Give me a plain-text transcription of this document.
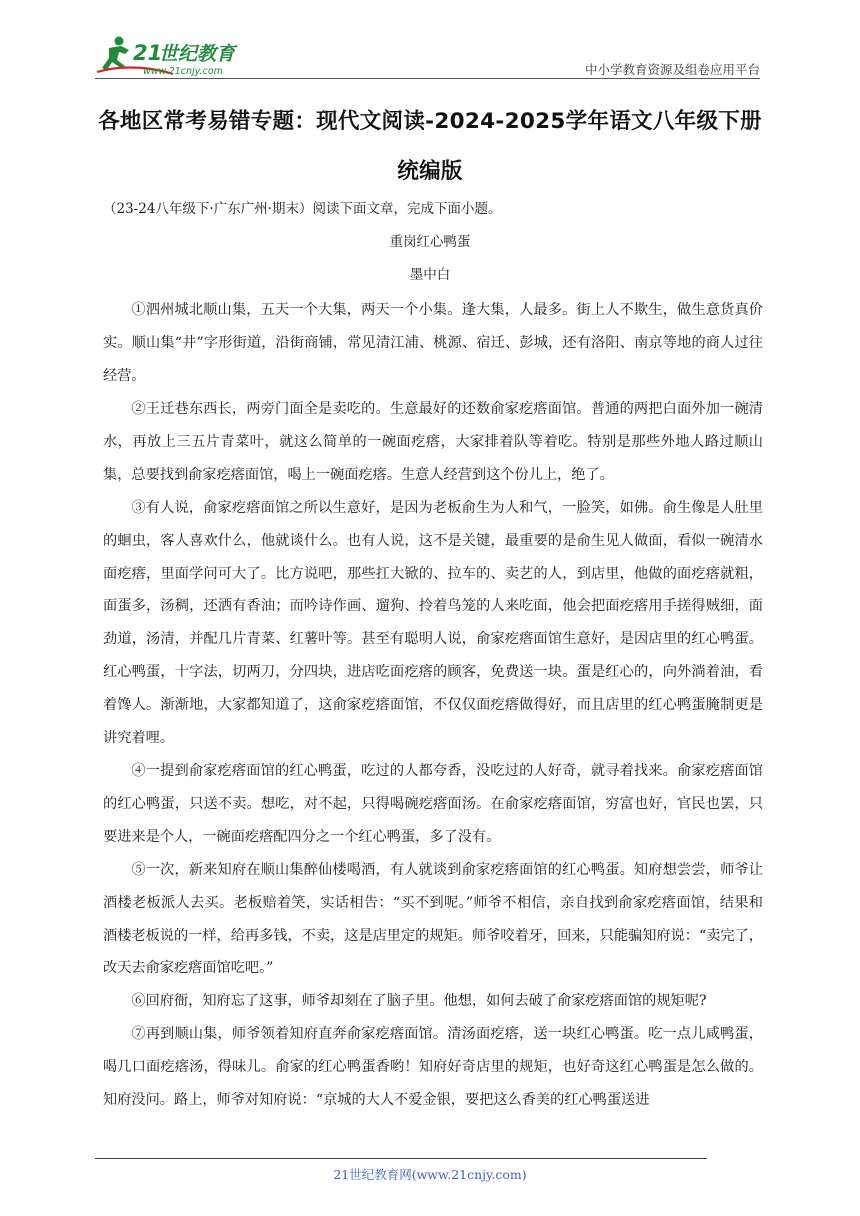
21
世纪教育
www.21cnjy.com	中小学教育资源及组卷应用平台
各地区常考易错专题：现代文阅读-2024-2025学年语文八年级下册统编版
（23-24八年级下·广东广州·期末）阅读下面文章，完成下面小题。
重岗红心鸭蛋
墨中白

①泗州城北顺山集，五天一个大集，两天一个小集。逢大集，人最多。街上人不欺生，做生意货真价实。顺山集“井”字形街道，沿街商铺，常见清江浦、桃源、宿迁、彭城，还有洛阳、南京等地的商人过往经营。

②王迁巷东西长，两旁门面全是卖吃的。生意最好的还数俞家疙瘩面馆。普通的两把白面外加一碗清水，再放上三五片青菜叶，就这么简单的一碗面疙瘩，大家排着队等着吃。特别是那些外地人路过顺山集，总要找到俞家疙瘩面馆，喝上一碗面疙瘩。生意人经营到这个份儿上，绝了。

③有人说，俞家疙瘩面馆之所以生意好，是因为老板俞生为人和气，一脸笑，如佛。俞生像是人肚里的蛔虫，客人喜欢什么，他就谈什么。也有人说，这不是关键，最重要的是俞生见人做面，看似一碗清水面疙瘩，里面学问可大了。比方说吧，那些扛大锨的、拉车的、卖艺的人，到店里，他做的面疙瘩就粗，面蛋多，汤稠，还洒有香油；而吟诗作画、遛狗、拎着鸟笼的人来吃面，他会把面疙瘩用手搓得贼细，面劲道，汤清，并配几片青菜、红薯叶等。甚至有聪明人说，俞家疙瘩面馆生意好，是因店里的红心鸭蛋。红心鸭蛋，十字法，切两刀，分四块，进店吃面疙瘩的顾客，免费送一块。蛋是红心的，向外淌着油，看着馋人。渐渐地，大家都知道了，这俞家疙瘩面馆，不仅仅面疙瘩做得好，而且店里的红心鸭蛋腌制更是讲究着哩。

④一提到俞家疙瘩面馆的红心鸭蛋，吃过的人都夸香，没吃过的人好奇，就寻着找来。俞家疙瘩面馆的红心鸭蛋，只送不卖。想吃，对不起，只得喝碗疙瘩面汤。在俞家疙瘩面馆，穷富也好，官民也罢，只要进来是个人，一碗面疙瘩配四分之一个红心鸭蛋，多了没有。

⑤一次，新来知府在顺山集醉仙楼喝酒，有人就谈到俞家疙瘩面馆的红心鸭蛋。知府想尝尝，师爷让酒楼老板派人去买。老板赔着笑，实话相告：“买不到呢。”师爷不相信，亲自找到俞家疙瘩面馆，结果和酒楼老板说的一样，给再多钱，不卖，这是店里定的规矩。师爷咬着牙，回来，只能骗知府说：“卖完了，改天去俞家疙瘩面馆吃吧。”

⑥回府衙，知府忘了这事，师爷却刻在了脑子里。他想，如何去破了俞家疙瘩面馆的规矩呢?

⑦再到顺山集，师爷领着知府直奔俞家疙瘩面馆。清汤面疙瘩，送一块红心鸭蛋。吃一点儿咸鸭蛋，喝几口面疙瘩汤，得味儿。俞家的红心鸭蛋香哟！知府好奇店里的规矩，也好奇这红心鸭蛋是怎么做的。知府没问。路上，师爷对知府说：“京城的大人不爱金银，要把这么香美的红心鸭蛋送进

21世纪教育网(www.21cnjy.com)
